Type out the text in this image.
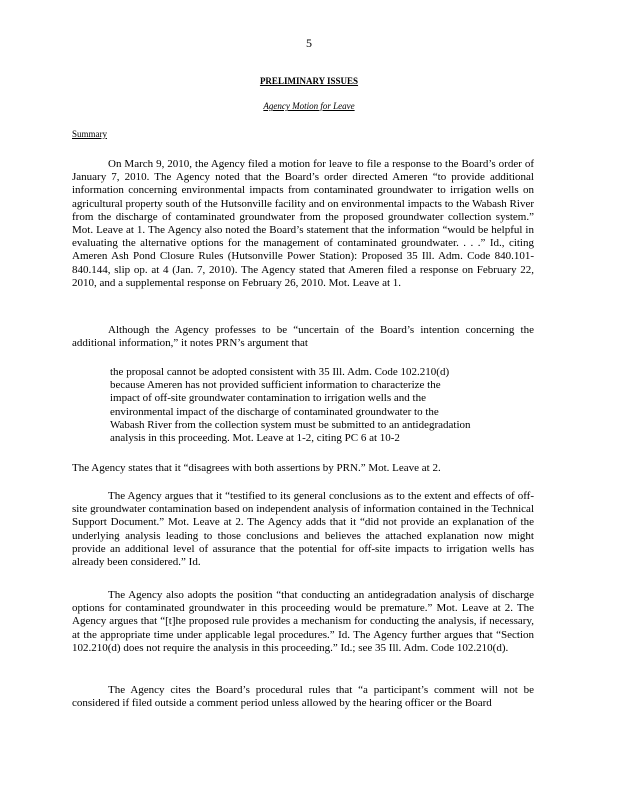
5
PRELIMINARY ISSUES
Agency Motion for Leave
Summary

On March 9, 2010, the Agency filed a motion for leave to file a response to the Board’s order of January 7, 2010. The Agency noted that the Board’s order directed Ameren “to provide additional information concerning environmental impacts from contaminated groundwater to irrigation wells on agricultural property south of the Hutsonville facility and on environmental impacts to the Wabash River from the discharge of contaminated groundwater from the proposed groundwater collection system.” Mot. Leave at 1. The Agency also noted the Board’s statement that the information “would be helpful in evaluating the alternative options for the management of contaminated groundwater. . . .” Id., citing Ameren Ash Pond Closure Rules (Hutsonville Power Station): Proposed 35 Ill. Adm. Code 840.101-840.144, slip op. at 4 (Jan. 7, 2010). The Agency stated that Ameren filed a response on February 22, 2010, and a supplemental response on February 26, 2010. Mot. Leave at 1.

Although the Agency professes to be “uncertain of the Board’s intention concerning the additional information,” it notes PRN’s argument that

the proposal cannot be adopted consistent with 35 Ill. Adm. Code 102.210(d) because Ameren has not provided sufficient information to characterize the impact of off-site groundwater contamination to irrigation wells and the environmental impact of the discharge of contaminated groundwater to the Wabash River from the collection system must be submitted to an antidegradation analysis in this proceeding. Mot. Leave at 1-2, citing PC 6 at 10-2

The Agency states that it “disagrees with both assertions by PRN.” Mot. Leave at 2.

The Agency argues that it “testified to its general conclusions as to the extent and effects of off-site groundwater contamination based on independent analysis of information contained in the Technical Support Document.” Mot. Leave at 2. The Agency adds that it “did not provide an explanation of the underlying analysis leading to those conclusions and believes the attached explanation now might provide an additional level of assurance that the potential for off-site impacts to irrigation wells has already been considered.” Id.

The Agency also adopts the position “that conducting an antidegradation analysis of discharge options for contaminated groundwater in this proceeding would be premature.” Mot. Leave at 2. The Agency argues that “[t]he proposed rule provides a mechanism for conducting the analysis, if necessary, at the appropriate time under applicable legal procedures.” Id. The Agency further argues that “Section 102.210(d) does not require the analysis in this proceeding.” Id.; see 35 Ill. Adm. Code 102.210(d).

The Agency cites the Board’s procedural rules that “a participant’s comment will not be considered if filed outside a comment period unless allowed by the hearing officer or the Board
